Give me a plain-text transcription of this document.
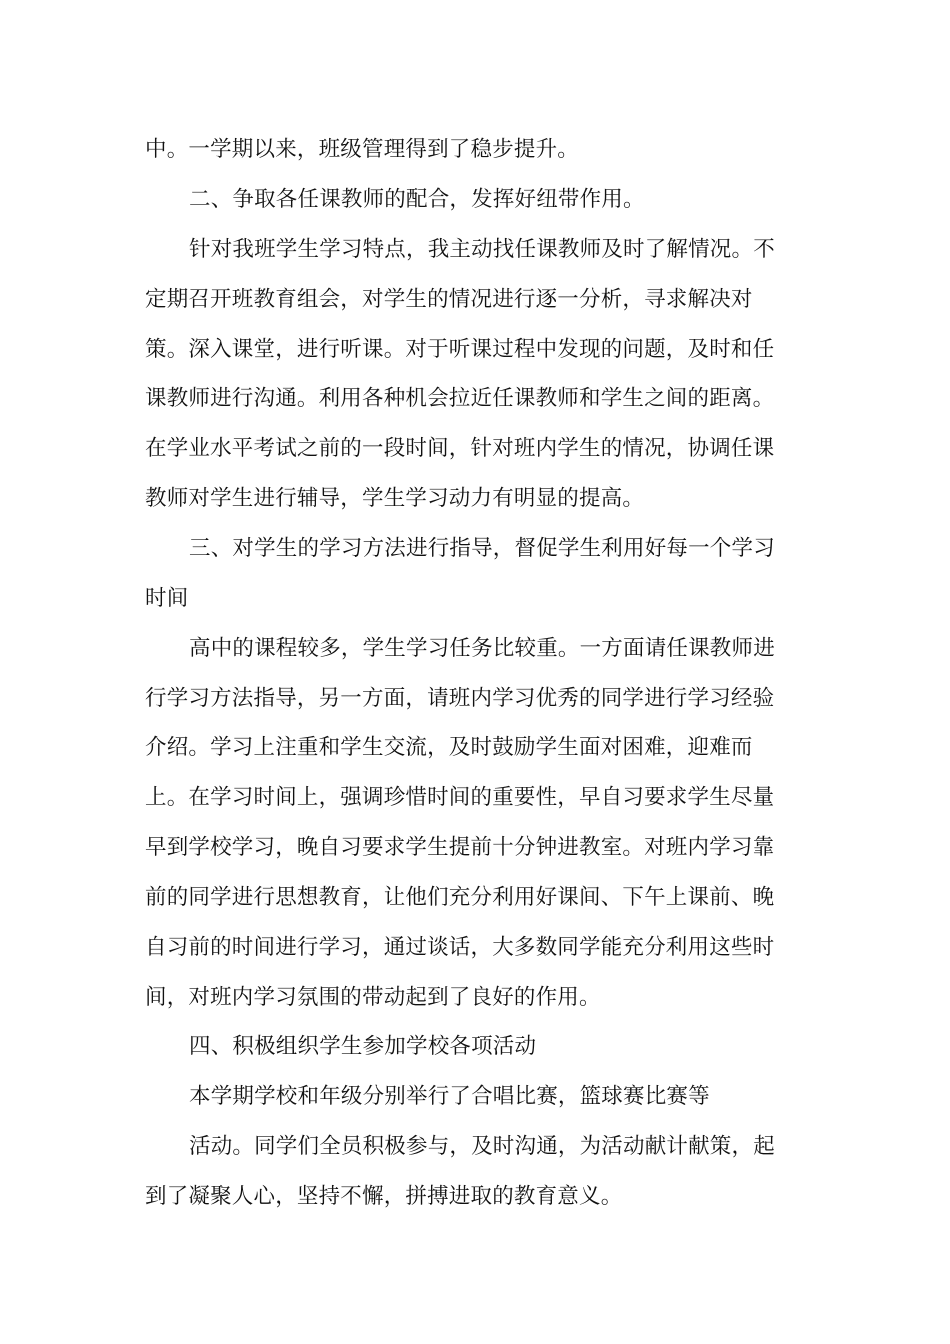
中。一学期以来，班级管理得到了稳步提升。
二、争取各任课教师的配合，发挥好纽带作用。
针对我班学生学习特点，我主动找任课教师及时了解情况。不
定期召开班教育组会，对学生的情况进行逐一分析，寻求解决对
策。深入课堂，进行听课。对于听课过程中发现的问题，及时和任
课教师进行沟通。利用各种机会拉近任课教师和学生之间的距离。
在学业水平考试之前的一段时间，针对班内学生的情况，协调任课
教师对学生进行辅导，学生学习动力有明显的提高。
三、对学生的学习方法进行指导，督促学生利用好每一个学习
时间
高中的课程较多，学生学习任务比较重。一方面请任课教师进
行学习方法指导，另一方面，请班内学习优秀的同学进行学习经验
介绍。学习上注重和学生交流，及时鼓励学生面对困难，迎难而
上。在学习时间上，强调珍惜时间的重要性，早自习要求学生尽量
早到学校学习，晚自习要求学生提前十分钟进教室。对班内学习靠
前的同学进行思想教育，让他们充分利用好课间、下午上课前、晚
自习前的时间进行学习，通过谈话，大多数同学能充分利用这些时
间，对班内学习氛围的带动起到了良好的作用。
四、积极组织学生参加学校各项活动
本学期学校和年级分别举行了合唱比赛，篮球赛比赛等
活动。同学们全员积极参与，及时沟通，为活动献计献策，起
到了凝聚人心，坚持不懈，拼搏进取的教育意义。
